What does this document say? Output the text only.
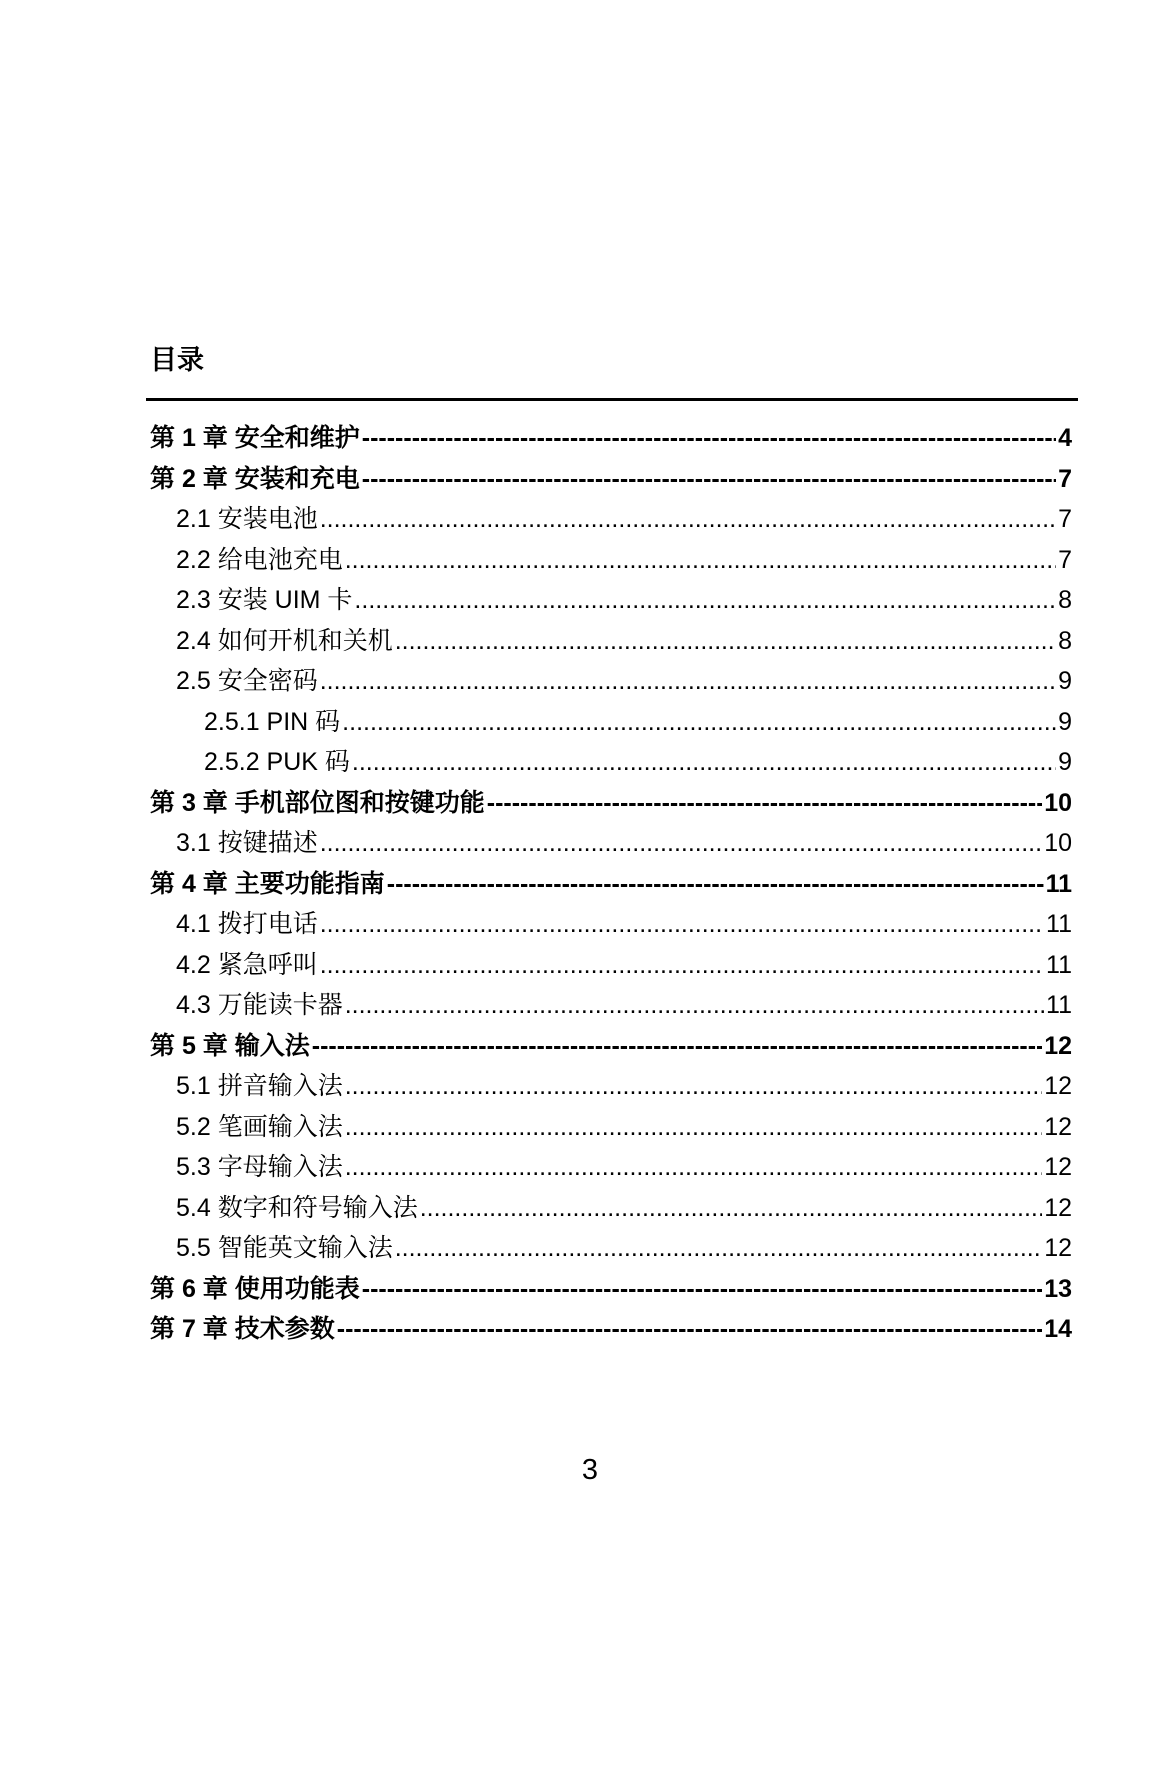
目录
第 1 章 安全和维护 -----	4
第 2 章 安装和充电 -----	7
2.1 安装电池 .....	7
2.2 给电池充电 .....	7
2.3 安装 UIM 卡 .....	8
2.4 如何开机和关机 .....	8
2.5 安全密码 .....	9
2.5.1 PIN 码 .....	9
2.5.2 PUK 码 .....	9
第 3 章 手机部位图和按键功能 -----	10
3.1 按键描述 .....	10
第 4 章 主要功能指南 -----	11
4.1 拨打电话 .....	11
4.2 紧急呼叫 .....	11
4.3 万能读卡器 .....	11
第 5 章 输入法 -----	12
5.1 拼音输入法 .....	12
5.2 笔画输入法 .....	12
5.3 字母输入法 .....	12
5.4 数字和符号输入法 .....	12
5.5 智能英文输入法 .....	12
第 6 章 使用功能表 -----	13
第 7 章 技术参数 -----	14
3
